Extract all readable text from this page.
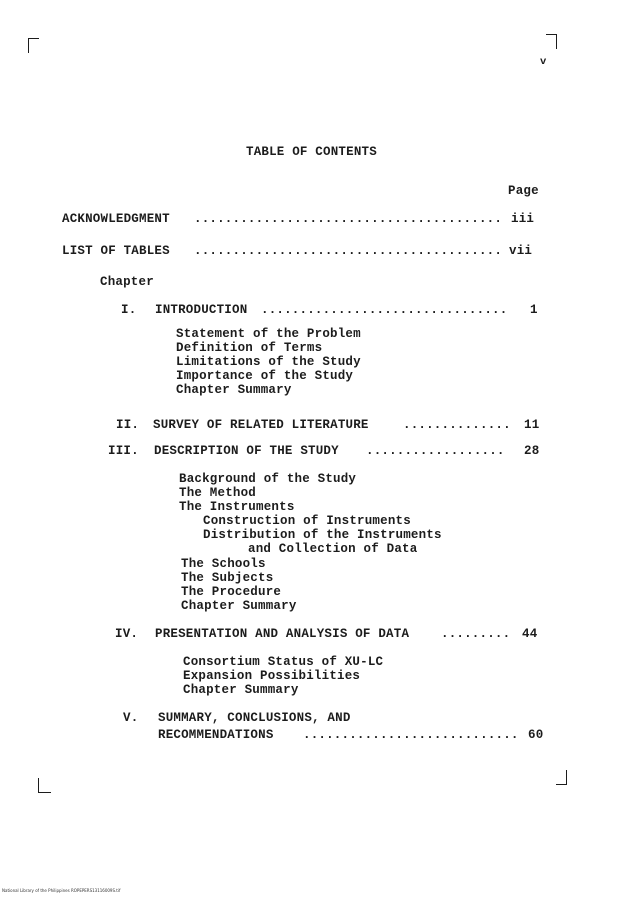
v
TABLE OF CONTENTS
Page
ACKNOWLEDGMENT ........................................ iii
LIST OF TABLES ........................................ vii
Chapter
I. INTRODUCTION ................................ 1
Statement of the Problem
Definition of Terms
Limitations of the Study
Importance of the Study
Chapter Summary
II. SURVEY OF RELATED LITERATURE	.............. 11
III. DESCRIPTION OF THE STUDY .................. 28
Background of the Study
The Method
The Instruments
Construction of Instruments
Distribution of the Instruments
and Collection of Data
The Schools
The Subjects
The Procedure
Chapter Summary
IV. PRESENTATION AND ANALYSIS OF DATA	......... 44
Consortium Status of XU-LC
Expansion Possibilities
Chapter Summary
V. SUMMARY, CONCLUSIONS, AND
RECOMMENDATIONS ............................ 60
National Library of the Philippines ROPEPERS13116009S.tif
